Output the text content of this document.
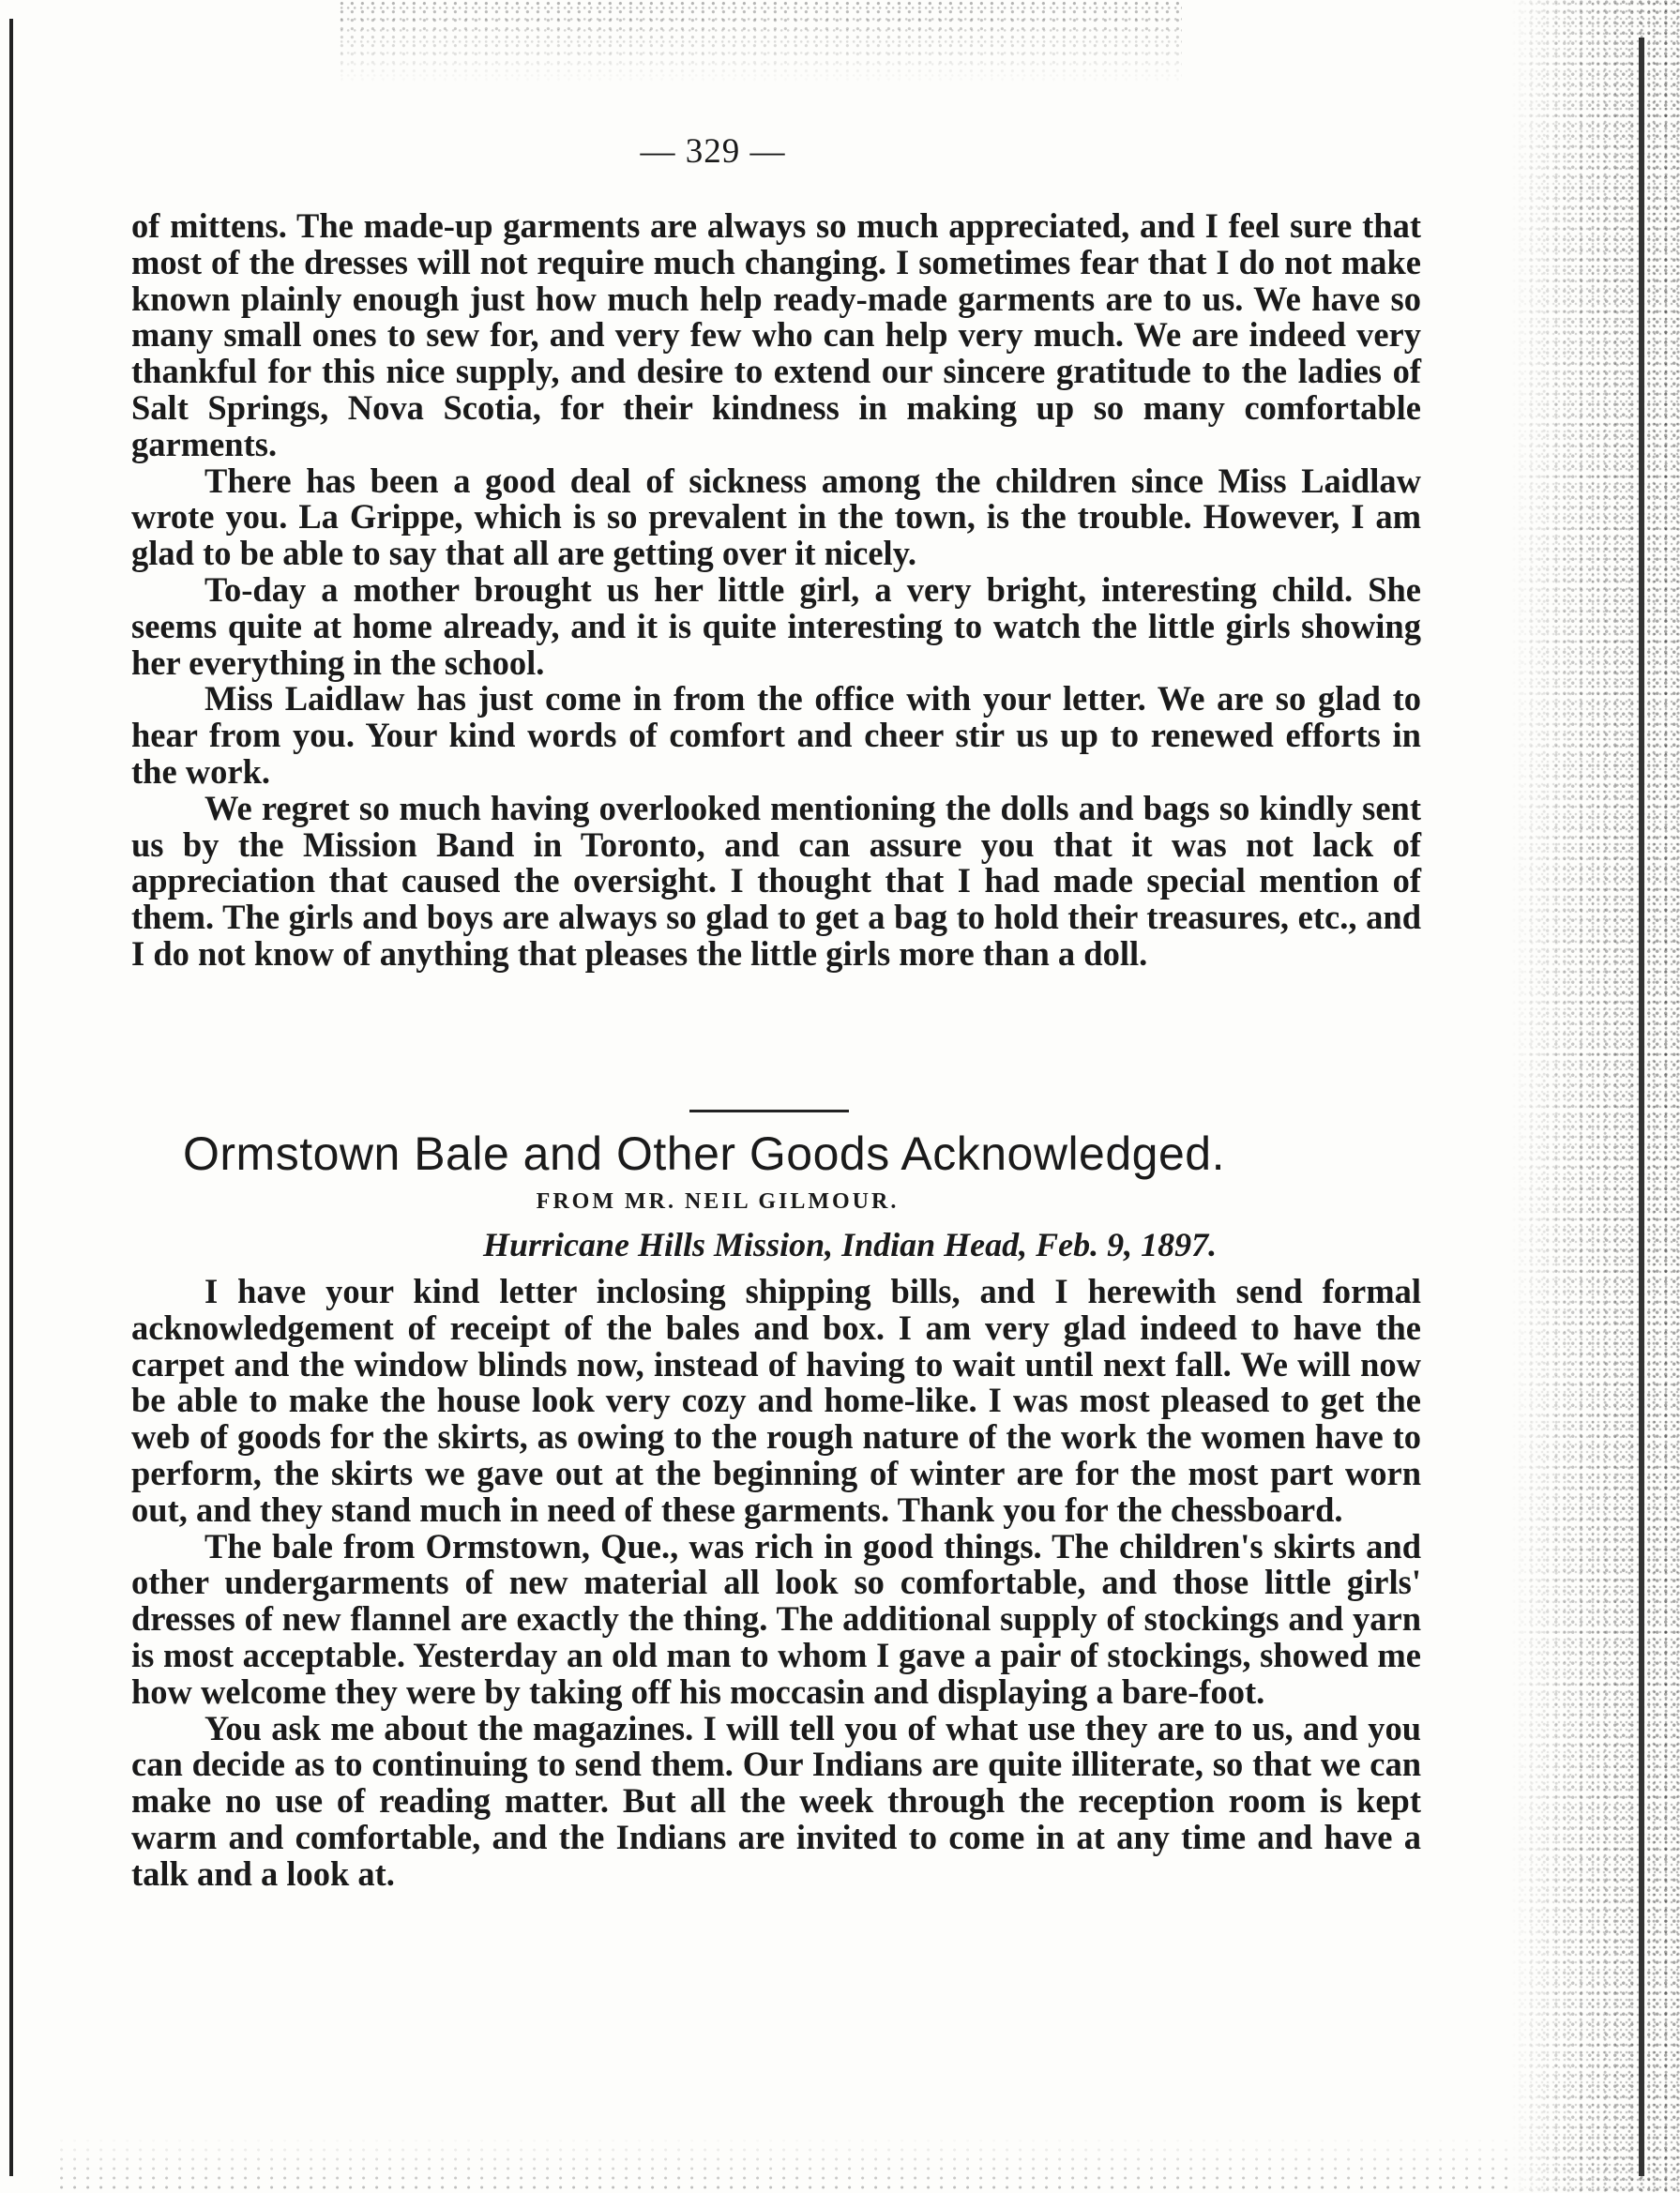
— 329 —

of mittens. The made-up garments are always so much appreciated, and I feel sure that most of the dresses will not require much changing. I sometimes fear that I do not make known plainly enough just how much help ready-made garments are to us. We have so many small ones to sew for, and very few who can help very much. We are indeed very thankful for this nice supply, and desire to extend our sincere gratitude to the ladies of Salt Springs, Nova Scotia, for their kindness in making up so many comfortable garments.

There has been a good deal of sickness among the children since Miss Laidlaw wrote you. La Grippe, which is so prevalent in the town, is the trouble. However, I am glad to be able to say that all are getting over it nicely.

To-day a mother brought us her little girl, a very bright, interesting child. She seems quite at home already, and it is quite interesting to watch the little girls showing her everything in the school.

Miss Laidlaw has just come in from the office with your letter. We are so glad to hear from you. Your kind words of comfort and cheer stir us up to renewed efforts in the work.

We regret so much having overlooked mentioning the dolls and bags so kindly sent us by the Mission Band in Toronto, and can assure you that it was not lack of appreciation that caused the oversight. I thought that I had made special mention of them. The girls and boys are always so glad to get a bag to hold their treasures, etc., and I do not know of anything that pleases the little girls more than a doll.

Ormstown Bale and Other Goods Acknowledged.
FROM MR. NEIL GILMOUR.
Hurricane Hills Mission, Indian Head, Feb. 9, 1897.

I have your kind letter inclosing shipping bills, and I herewith send formal acknowledgement of receipt of the bales and box. I am very glad indeed to have the carpet and the window blinds now, instead of having to wait until next fall. We will now be able to make the house look very cozy and home-like. I was most pleased to get the web of goods for the skirts, as owing to the rough nature of the work the women have to perform, the skirts we gave out at the beginning of winter are for the most part worn out, and they stand much in need of these garments. Thank you for the chessboard.

The bale from Ormstown, Que., was rich in good things. The children's skirts and other undergarments of new material all look so comfortable, and those little girls' dresses of new flannel are exactly the thing. The additional supply of stockings and yarn is most acceptable. Yesterday an old man to whom I gave a pair of stockings, showed me how welcome they were by taking off his moccasin and displaying a bare-foot.

You ask me about the magazines. I will tell you of what use they are to us, and you can decide as to continuing to send them. Our Indians are quite illiterate, so that we can make no use of reading matter. But all the week through the reception room is kept warm and comfortable, and the Indians are invited to come in at any time and have a talk and a look at.
